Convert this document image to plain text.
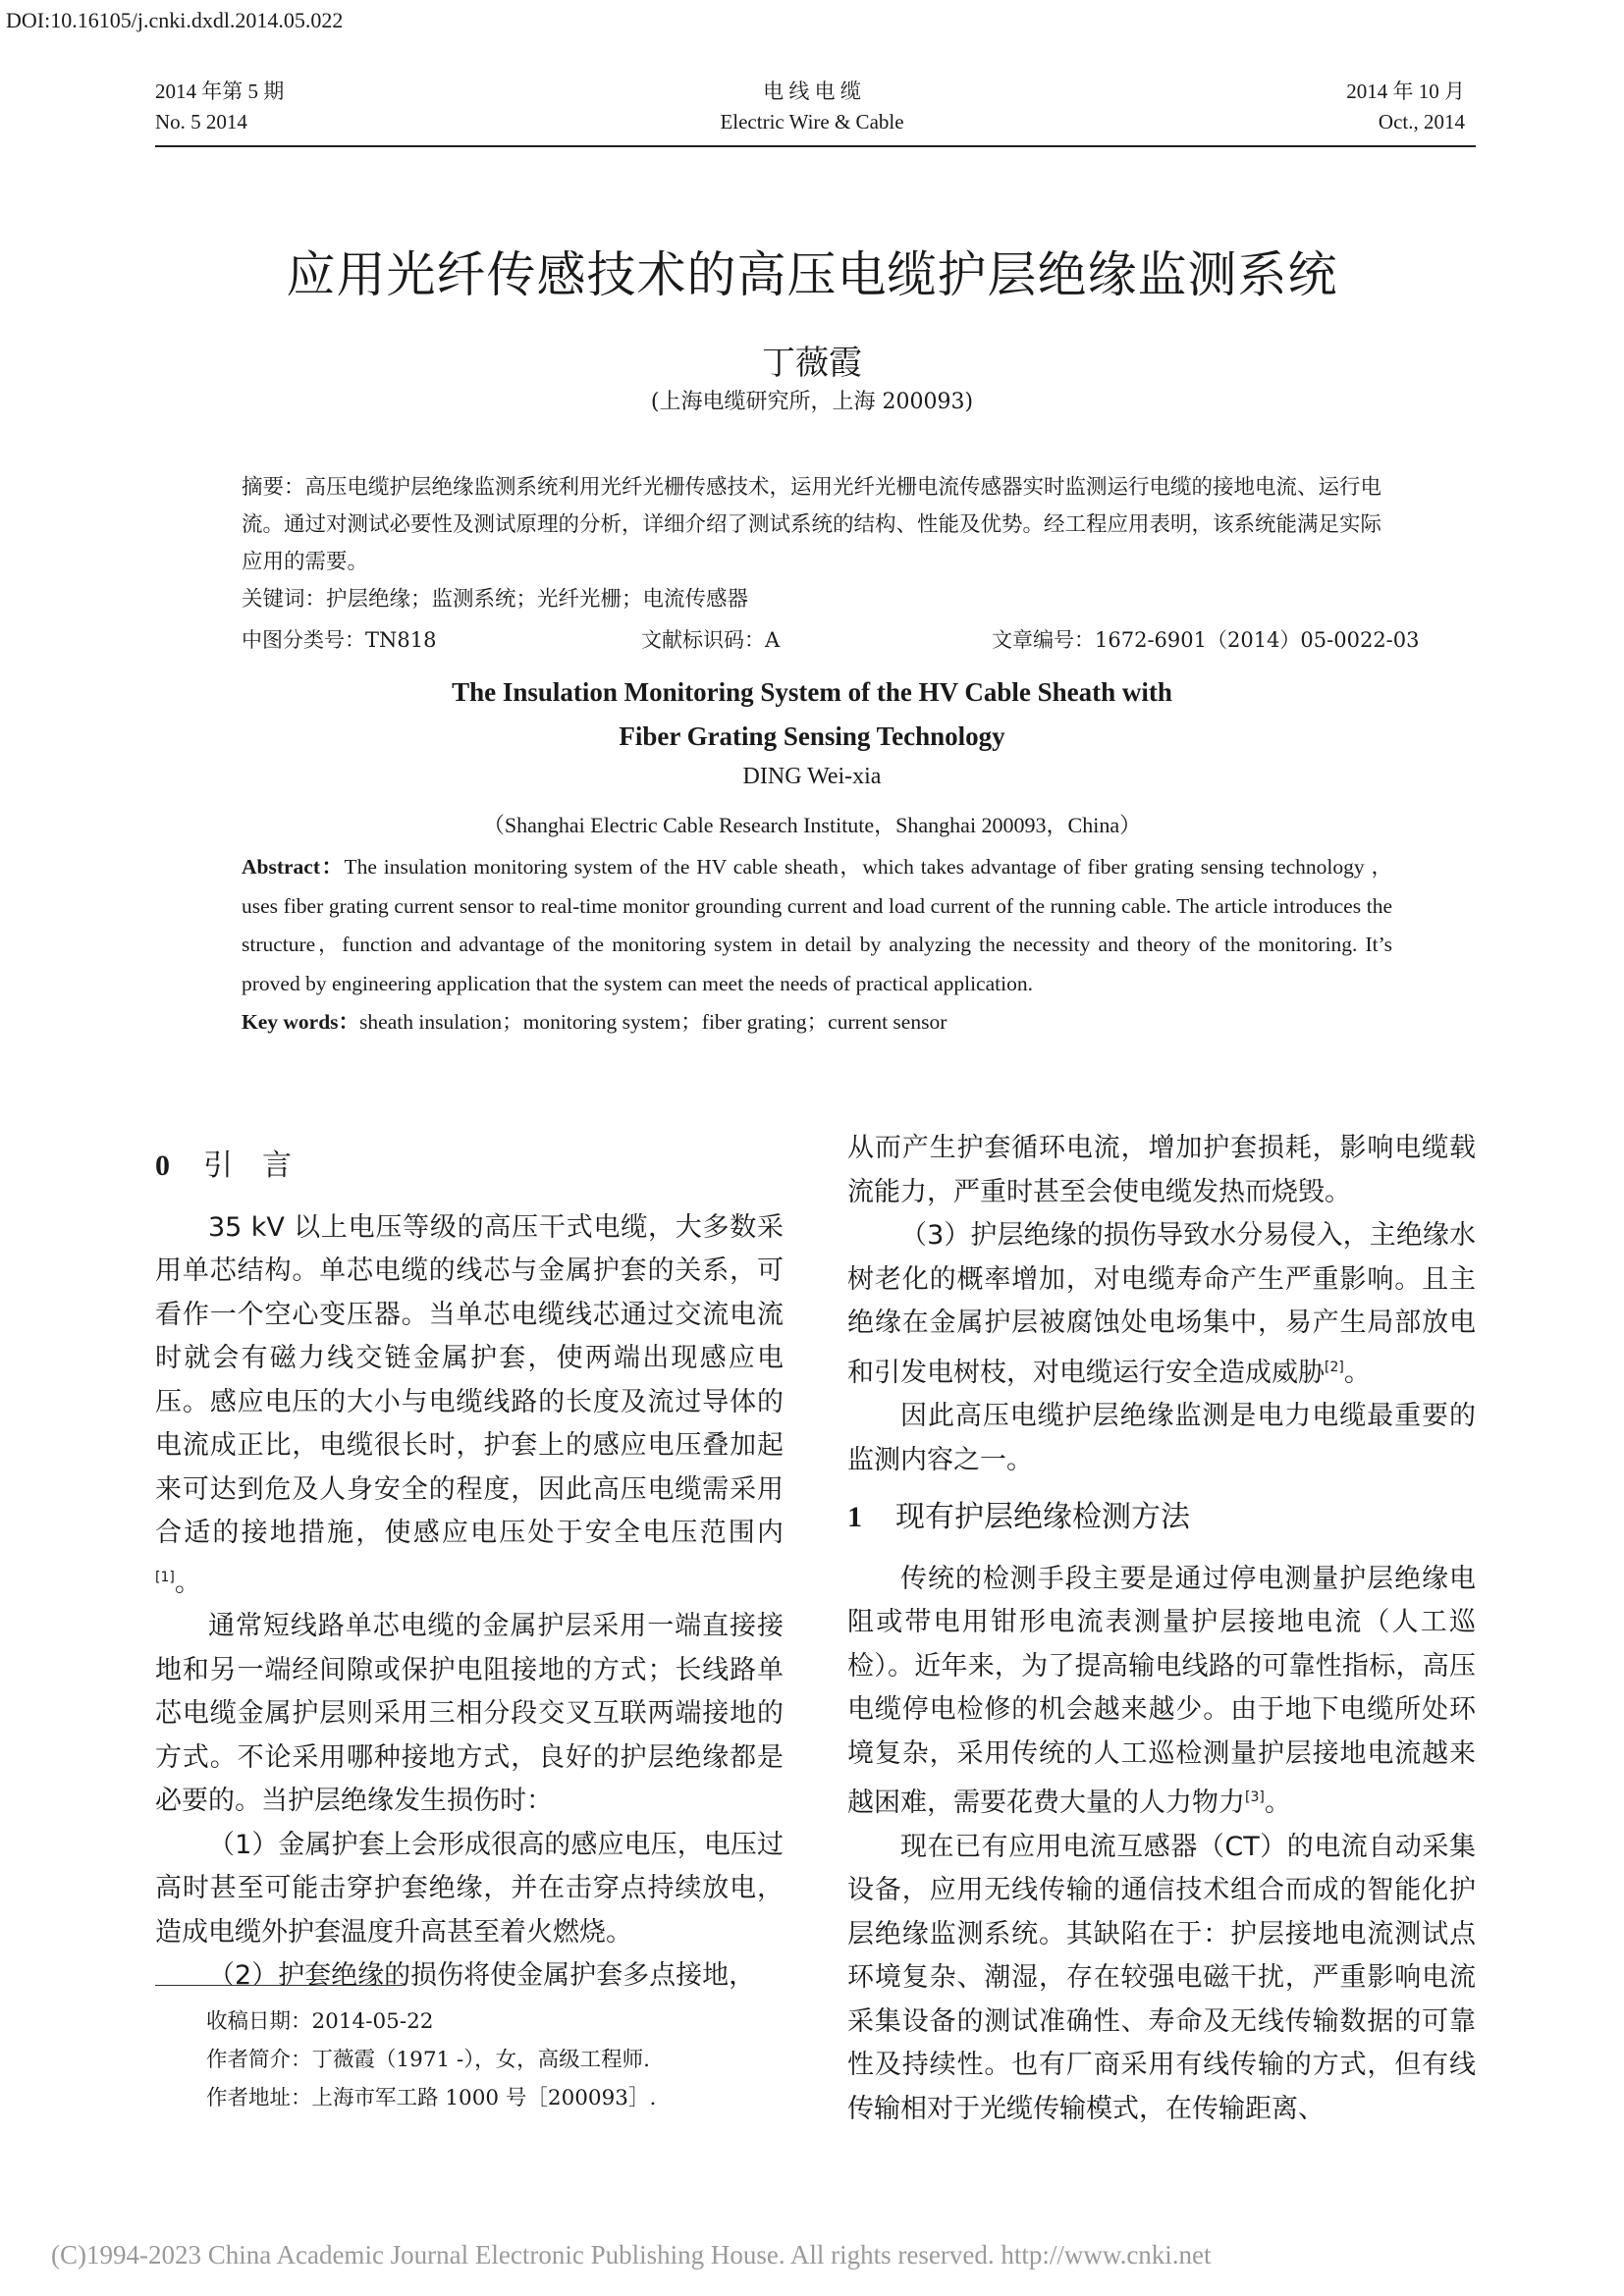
DOI:10.16105/j.cnki.dxdl.2014.05.022
2014 年第 5 期
No. 5 2014
电 线 电 缆
Electric Wire & Cable
2014 年 10 月
Oct., 2014
应用光纤传感技术的高压电缆护层绝缘监测系统
丁薇霞
(上海电缆研究所，上海 200093)
摘要：高压电缆护层绝缘监测系统利用光纤光栅传感技术，运用光纤光栅电流传感器实时监测运行电缆的接地电流、运行电流。通过对测试必要性及测试原理的分析，详细介绍了测试系统的结构、性能及优势。经工程应用表明，该系统能满足实际应用的需要。
关键词：护层绝缘；监测系统；光纤光栅；电流传感器
中图分类号：TN818	文献标识码：A	文章编号：1672-6901（2014）05-0022-03
The Insulation Monitoring System of the HV Cable Sheath with
Fiber Grating Sensing Technology
DING Wei-xia
（Shanghai Electric Cable Research Institute，Shanghai 200093，China）
Abstract：The insulation monitoring system of the HV cable sheath，which takes advantage of fiber grating sensing technology ，uses fiber grating current sensor to real-time monitor grounding current and load current of the running cable. The article introduces the structure，function and advantage of the monitoring system in detail by analyzing the necessity and theory of the monitoring. It’s proved by engineering application that the system can meet the needs of practical application.
Key words：sheath insulation；monitoring system；fiber grating；current sensor
0 引　言

35 kV 以上电压等级的高压干式电缆，大多数采用单芯结构。单芯电缆的线芯与金属护套的关系，可看作一个空心变压器。当单芯电缆线芯通过交流电流时就会有磁力线交链金属护套，使两端出现感应电压。感应电压的大小与电缆线路的长度及流过导体的电流成正比，电缆很长时，护套上的感应电压叠加起来可达到危及人身安全的程度，因此高压电缆需采用合适的接地措施，使感应电压处于安全电压范围内[1]。

通常短线路单芯电缆的金属护层采用一端直接接地和另一端经间隙或保护电阻接地的方式；长线路单芯电缆金属护层则采用三相分段交叉互联两端接地的方式。不论采用哪种接地方式，良好的护层绝缘都是必要的。当护层绝缘发生损伤时：

（1）金属护套上会形成很高的感应电压，电压过高时甚至可能击穿护套绝缘，并在击穿点持续放电，造成电缆外护套温度升高甚至着火燃烧。

（2）护套绝缘的损伤将使金属护套多点接地，

收稿日期：2014-05-22
作者简介：丁薇霞（1971 -），女，高级工程师.
作者地址：上海市军工路 1000 号［200093］.

从而产生护套循环电流，增加护套损耗，影响电缆载流能力，严重时甚至会使电缆发热而烧毁。

（3）护层绝缘的损伤导致水分易侵入，主绝缘水树老化的概率增加，对电缆寿命产生严重影响。且主绝缘在金属护层被腐蚀处电场集中，易产生局部放电和引发电树枝，对电缆运行安全造成威胁[2]。

因此高压电缆护层绝缘监测是电力电缆最重要的监测内容之一。

1 现有护层绝缘检测方法

传统的检测手段主要是通过停电测量护层绝缘电阻或带电用钳形电流表测量护层接地电流（人工巡检）。近年来，为了提高输电线路的可靠性指标，高压电缆停电检修的机会越来越少。由于地下电缆所处环境复杂，采用传统的人工巡检测量护层接地电流越来越困难，需要花费大量的人力物力[3]。

现在已有应用电流互感器（CT）的电流自动采集设备，应用无线传输的通信技术组合而成的智能化护层绝缘监测系统。其缺陷在于：护层接地电流测试点环境复杂、潮湿，存在较强电磁干扰，严重影响电流采集设备的测试准确性、寿命及无线传输数据的可靠性及持续性。也有厂商采用有线传输的方式，但有线传输相对于光缆传输模式，在传输距离、

(C)1994-2023 China Academic Journal Electronic Publishing House. All rights reserved. http://www.cnki.net
